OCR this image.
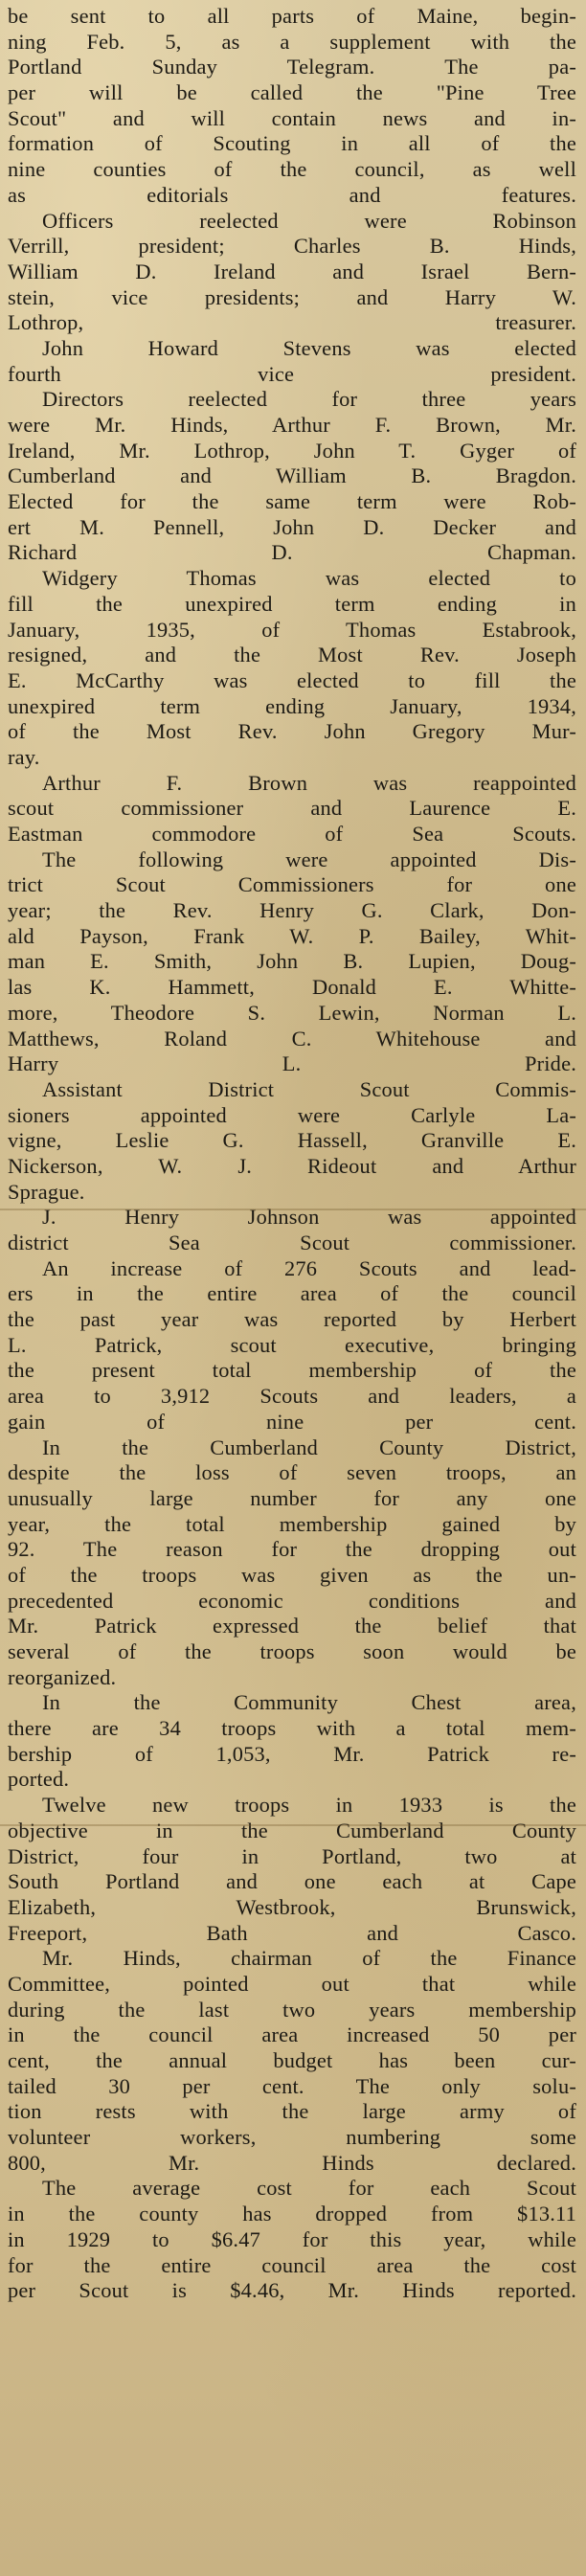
be sent to all parts of Maine, begin-
ning Feb. 5, as a supplement with the
Portland Sunday Telegram. The pa-
per will be called the "Pine Tree
Scout" and will contain news and in-
formation of Scouting in all of the
nine counties of the council, as well
as editorials and features.
Officers reelected were Robinson
Verrill, president; Charles B. Hinds,
William D. Ireland and Israel Bern-
stein, vice presidents; and Harry W.
Lothrop, treasurer.
John Howard Stevens was elected
fourth vice president.
Directors reelected for three years
were Mr. Hinds, Arthur F. Brown, Mr.
Ireland, Mr. Lothrop, John T. Gyger of
Cumberland and William B. Bragdon.
Elected for the same term were Rob-
ert M. Pennell, John D. Decker and
Richard D. Chapman.
Widgery Thomas was elected to
fill the unexpired term ending in
January, 1935, of Thomas Estabrook,
resigned, and the Most Rev. Joseph
E. McCarthy was elected to fill the
unexpired term ending January, 1934,
of the Most Rev. John Gregory Mur-
ray.
Arthur F. Brown was reappointed
scout commissioner and Laurence E.
Eastman commodore of Sea Scouts.
The following were appointed Dis-
trict Scout Commissioners for one
year; the Rev. Henry G. Clark, Don-
ald Payson, Frank W. P. Bailey, Whit-
man E. Smith, John B. Lupien, Doug-
las K. Hammett, Donald E. Whitte-
more, Theodore S. Lewin, Norman L.
Matthews, Roland C. Whitehouse and
Harry L. Pride.
Assistant District Scout Commis-
sioners appointed were Carlyle La-
vigne, Leslie G. Hassell, Granville E.
Nickerson, W. J. Rideout and Arthur
Sprague.
J. Henry Johnson was appointed
district Sea Scout commissioner.
An increase of 276 Scouts and lead-
ers in the entire area of the council
the past year was reported by Herbert
L. Patrick, scout executive, bringing
the present total membership of the
area to 3,912 Scouts and leaders, a
gain of nine per cent.
In the Cumberland County District,
despite the loss of seven troops, an
unusually large number for any one
year, the total membership gained by
92. The reason for the dropping out
of the troops was given as the un-
precedented economic conditions and
Mr. Patrick expressed the belief that
several of the troops soon would be
reorganized.
In the Community Chest area,
there are 34 troops with a total mem-
bership of 1,053, Mr. Patrick re-
ported.
Twelve new troops in 1933 is the
objective in the Cumberland County
District, four in Portland, two at
South Portland and one each at Cape
Elizabeth, Westbrook, Brunswick,
Freeport, Bath and Casco.
Mr. Hinds, chairman of the Finance
Committee, pointed out that while
during the last two years membership
in the council area increased 50 per
cent, the annual budget has been cur-
tailed 30 per cent. The only solu-
tion rests with the large army of
volunteer workers, numbering some
800, Mr. Hinds declared.
The average cost for each Scout
in the county has dropped from $13.11
in 1929 to $6.47 for this year, while
for the entire council area the cost
per Scout is $4.46, Mr. Hinds reported.
